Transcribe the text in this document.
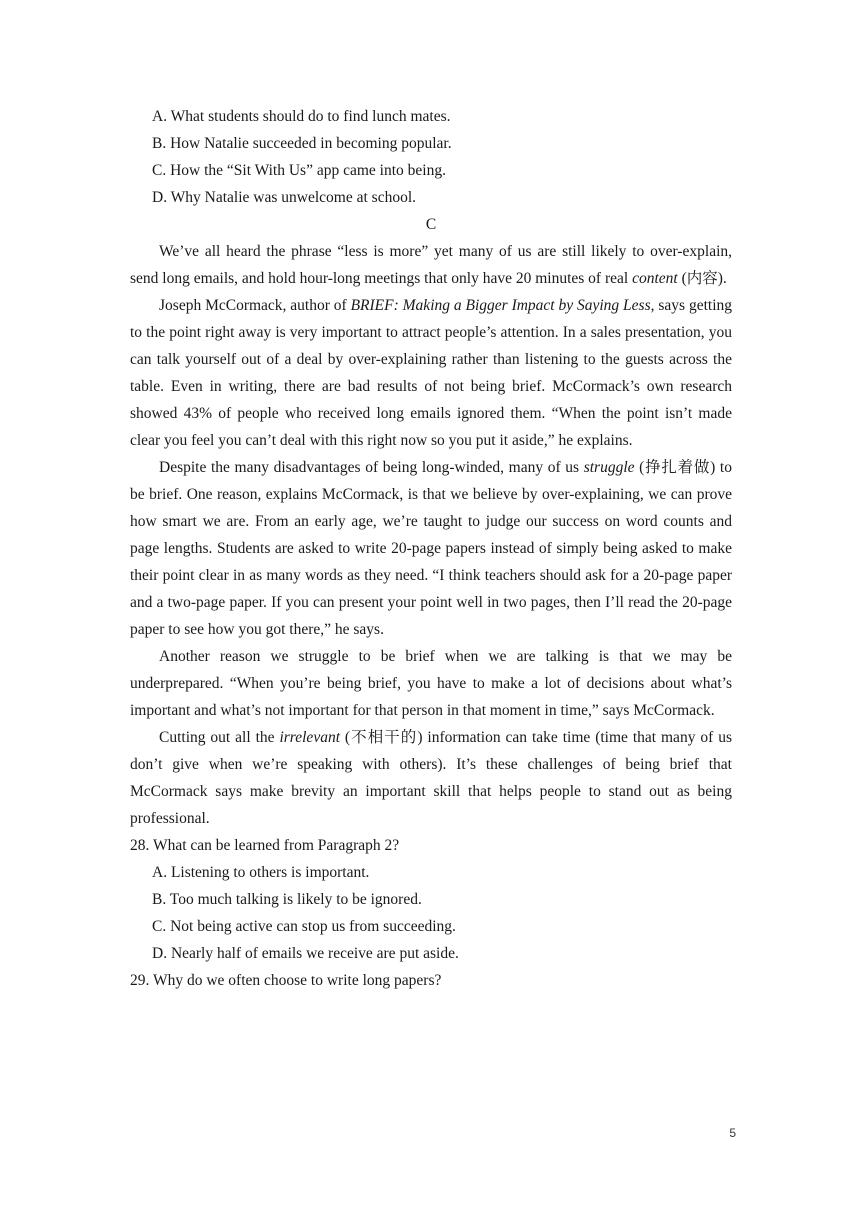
A. What students should do to find lunch mates.
B. How Natalie succeeded in becoming popular.
C. How the “Sit With Us” app came into being.
D. Why Natalie was unwelcome at school.
C

We’ve all heard the phrase “less is more” yet many of us are still likely to over-explain, send long emails, and hold hour-long meetings that only have 20 minutes of real content (内容).

Joseph McCormack, author of BRIEF: Making a Bigger Impact by Saying Less, says getting to the point right away is very important to attract people’s attention. In a sales presentation, you can talk yourself out of a deal by over-explaining rather than listening to the guests across the table. Even in writing, there are bad results of not being brief. McCormack’s own research showed 43% of people who received long emails ignored them. “When the point isn’t made clear you feel you can’t deal with this right now so you put it aside,” he explains.

Despite the many disadvantages of being long-winded, many of us struggle (挣扎着做) to be brief. One reason, explains McCormack, is that we believe by over-explaining, we can prove how smart we are. From an early age, we’re taught to judge our success on word counts and page lengths. Students are asked to write 20-page papers instead of simply being asked to make their point clear in as many words as they need. “I think teachers should ask for a 20-page paper and a two-page paper. If you can present your point well in two pages, then I’ll read the 20-page paper to see how you got there,” he says.

Another reason we struggle to be brief when we are talking is that we may be underprepared. “When you’re being brief, you have to make a lot of decisions about what’s important and what’s not important for that person in that moment in time,” says McCormack.

Cutting out all the irrelevant (不相干的) information can take time (time that many of us don’t give when we’re speaking with others). It’s these challenges of being brief that McCormack says make brevity an important skill that helps people to stand out as being professional.

28. What can be learned from Paragraph 2?

A. Listening to others is important.
B. Too much talking is likely to be ignored.
C. Not being active can stop us from succeeding.
D. Nearly half of emails we receive are put aside.

29. Why do we often choose to write long papers?

5
